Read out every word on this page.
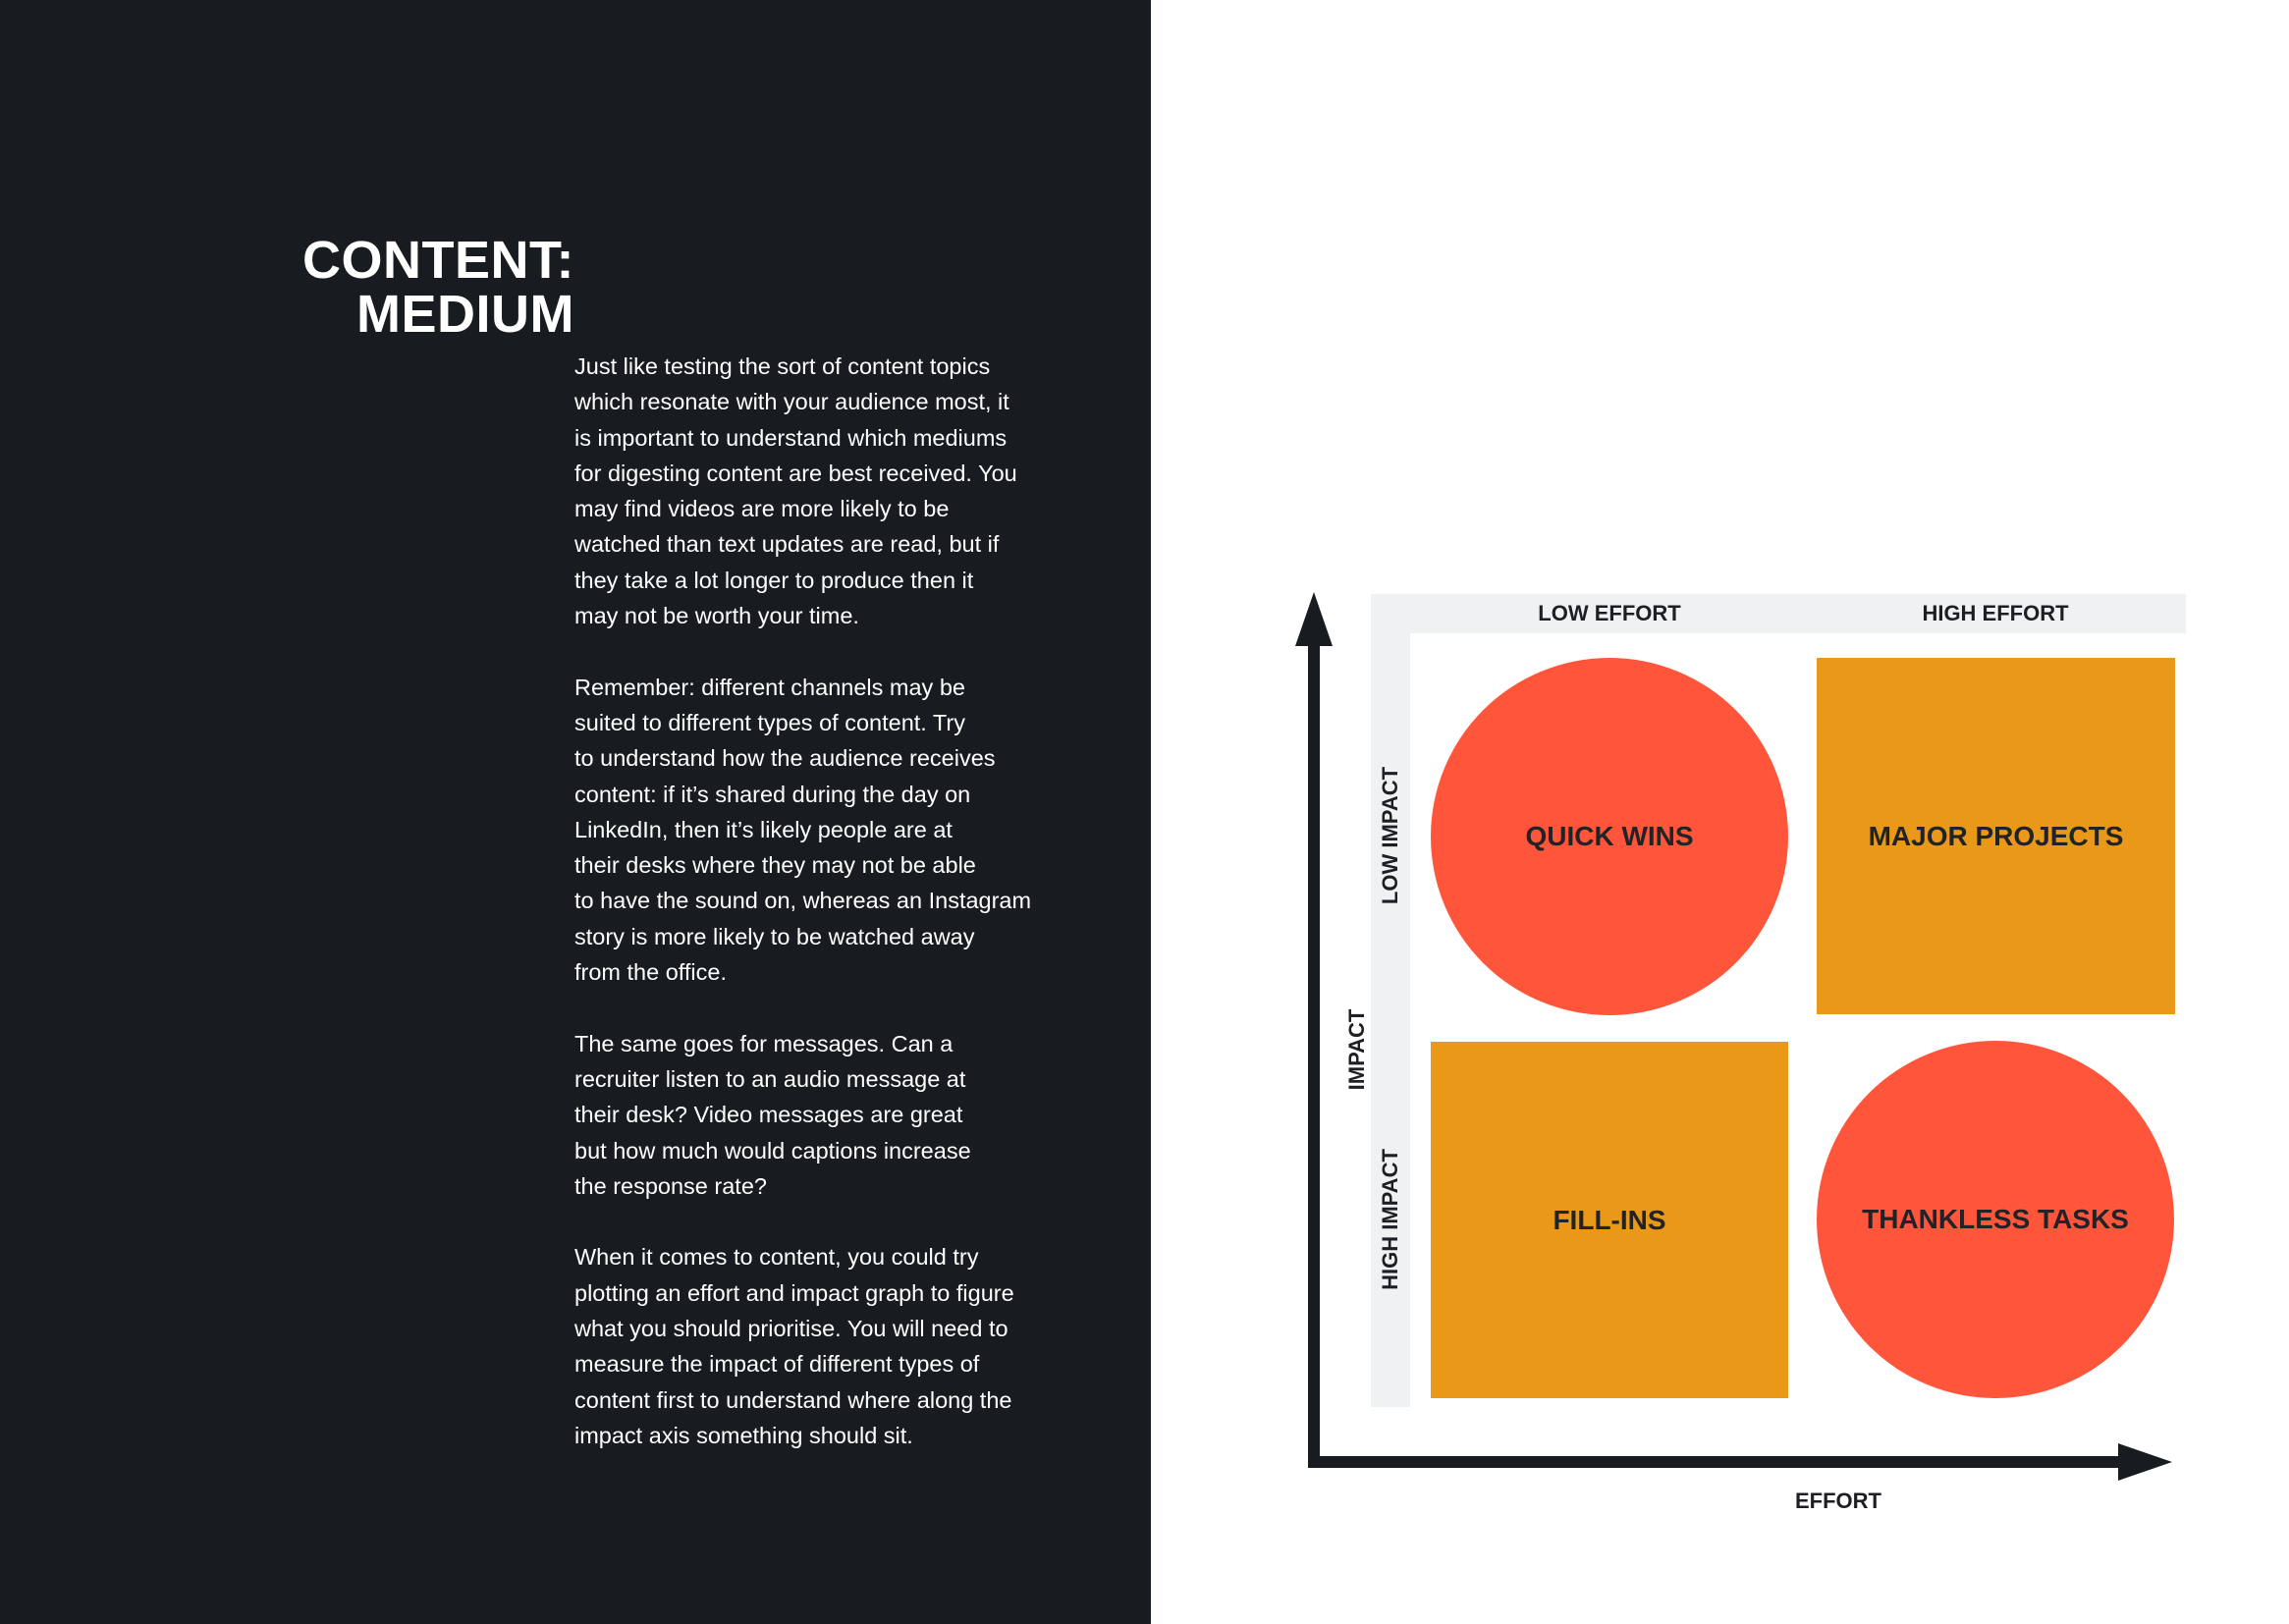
CONTENT:
MEDIUM

Just like testing the sort of content topics
which resonate with your audience most, it
is important to understand which mediums
for digesting content are best received. You
may find videos are more likely to be
watched than text updates are read, but if
they take a lot longer to produce then it
may not be worth your time.

Remember: different channels may be
suited to different types of content. Try
to understand how the audience receives
content: if it’s shared during the day on
LinkedIn, then it’s likely people are at
their desks where they may not be able
to have the sound on, whereas an Instagram
story is more likely to be watched away
from the office.

The same goes for messages. Can a
recruiter listen to an audio message at
their desk? Video messages are great
but how much would captions increase
the response rate?

When it comes to content, you could try
plotting an effort and impact graph to figure
what you should prioritise. You will need to
measure the impact of different types of
content first to understand where along the
impact axis something should sit.

LOW EFFORT	HIGH EFFORT
LOW IMPACT
HIGH IMPACT
QUICK WINS	MAJOR PROJECTS
FILL-INS	THANKLESS TASKS
EFFORT
IMPACT
